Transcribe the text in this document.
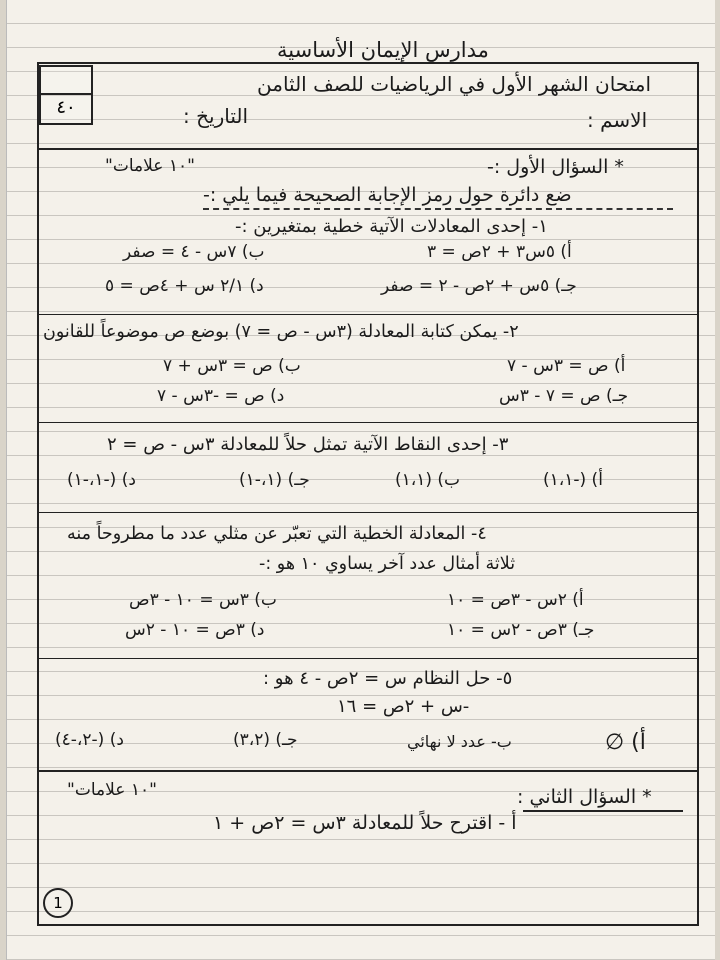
مدارس الإيمان الأساسية
امتحان الشهر الأول في الرياضيات للصف الثامن
الاسم :
التاريخ :
٤٠
* السؤال الأول :-
"١٠ علامات"
ضع دائرة حول رمز الإجابة الصحيحة فيما يلي :-
١- إحدى المعادلات الآتية خطية بمتغيرين :-
أ) ٥س٣ + ٢ص = ٣
ب) ٧س - ٤ = صفر
جـ) ٥س + ٢ص - ٢ = صفر
د) ٢/١ س + ٤ص = ٥
٢- يمكن كتابة المعادلة (٣س - ص = ٧) بوضع ص موضوعاً للقانون
أ) ص = ٣س - ٧
ب) ص = ٣س + ٧
جـ) ص = ٧ - ٣س
د) ص = -٣س - ٧
٣- إحدى النقاط الآتية تمثل حلاً للمعادلة ٣س - ص = ٢
أ) (-١،١)
ب) (١،١)
جـ) (١،-١)
د) (-١،-١)
٤- المعادلة الخطية التي تعبّر عن مثلي عدد ما مطروحاً منه
ثلاثة أمثال عدد آخر يساوي ١٠ هو :-
أ) ٢س - ٣ص = ١٠
ب) ٣س = ١٠ - ٣ص
جـ) ٣ص - ٢س = ١٠
د) ٣ص = ١٠ - ٢س
٥- حل النظام س = ٢ص - ٤ هو :
-س + ٢ص = ١٦
أ) ∅
ب- عدد لا نهائي
جـ) (٣،٢)
د) (-٢،-٤)
* السؤال الثاني :
"١٠ علامات"
أ - اقترح حلاً للمعادلة ٣س = ٢ص + ١
1
